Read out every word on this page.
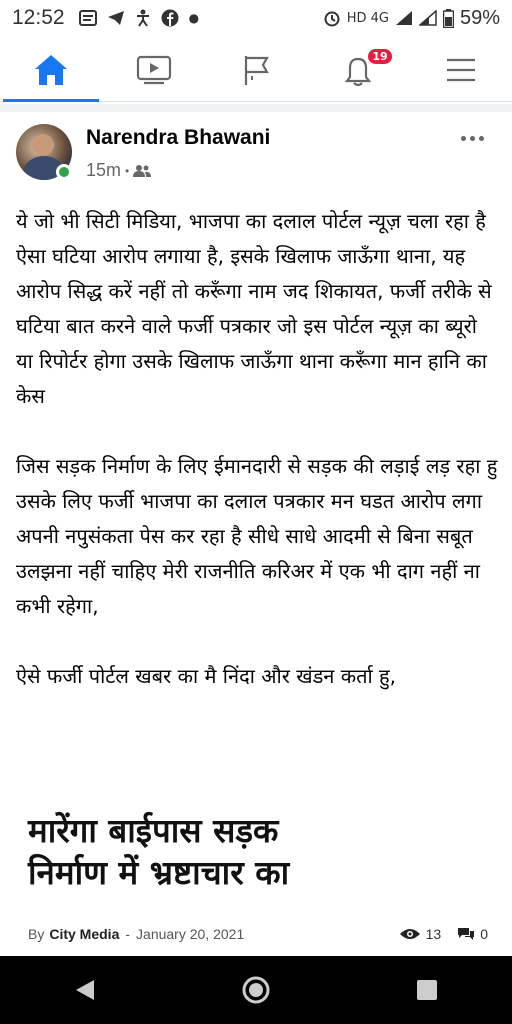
12:52	●	HD 4G	59%
19
Narendra Bhawani
15m •

ये जो भी सिटी मिडिया, भाजपा का दलाल पोर्टल न्यूज़ चला रहा है ऐसा घटिया आरोप लगाया है, इसके खिलाफ जाऊँगा थाना, यह आरोप सिद्ध करें नहीं तो करूँगा नाम जद शिकायत, फर्जी तरीके से घटिया बात करने वाले फर्जी पत्रकार जो इस पोर्टल न्यूज़ का ब्यूरो या रिपोर्टर होगा उसके खिलाफ जाऊँगा थाना करूँगा मान हानि का केस

जिस सड़क निर्माण के लिए ईमानदारी से सड़क की लड़ाई लड़ रहा हु उसके लिए फर्जी भाजपा का दलाल पत्रकार मन घडत आरोप लगा अपनी नपुसंकता पेस कर रहा है सीधे साधे आदमी से बिना सबूत उलझना नहीं चाहिए मेरी राजनीति करिअर में एक भी दाग नहीं ना कभी रहेगा,

ऐसे फर्जी पोर्टल खबर का मै निंदा और खंडन कर्ता हु,

मारेंगा बाईपास सड़क
निर्माण में भ्रष्टाचार का
By City Media - January 20, 2021	13	0
